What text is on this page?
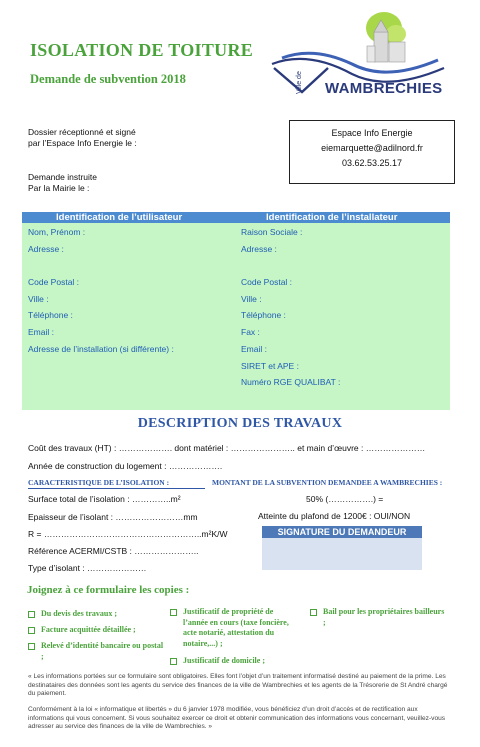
ISOLATION DE TOITURE
Demande de subvention 2018	Ville de WAMBRECHIES
Dossier réceptionné et signé
par l’Espace Info Energie le :
Demande instruite
Par la Mairie le :
Espace Info Energie
eiemarquette@adilnord.fr
03.62.53.25.17
Identification de l’utilisateur	Identification de l’installateur
Nom, Prénom :
Adresse :
Code Postal :
Ville :
Téléphone :
Email :
Adresse de l’installation (si différente) :
Raison Sociale :
Adresse :
Code Postal :
Ville :
Téléphone :
Fax :
Email :
SIRET et APE :
Numéro RGE QUALIBAT :
DESCRIPTION DES TRAVAUX
Coût des travaux (HT) : ………………. dont matériel : ………………….. et main d’œuvre : …………………
Année de construction du logement : ……………….
CARACTERISTIQUE DE L’ISOLATION :	MONTANT DE LA SUBVENTION DEMANDEE A WAMBRECHIES :
Surface total de l’isolation : …………..m²
Epaisseur de l’isolant : ……………………mm
R = ………………………………………………..m²K/W
Référence ACERMI/CSTB : …………………..
Type d’isolant : …………………
50% (…………….) =
Atteinte du plafond de 1200€ : OUI/NON
SIGNATURE DU DEMANDEUR
Joignez à ce formulaire les copies :
Du devis des travaux ;
Facture acquittée détaillée ;
Relevé d’identité bancaire ou postal ;
Justificatif de propriété de l’année en cours (taxe foncière, acte notarié, attestation du notaire,...) ;
Justificatif de domicile ;
Bail pour les propriétaires bailleurs ;
« Les informations portées sur ce formulaire sont obligatoires. Elles font l’objet d’un traitement informatisé destiné au paiement de la prime. Les destinataires des données sont les agents du service des finances de la ville de Wambrechies et les agents de la Trésorerie de St André chargé du paiement.
Conformément à la loi « informatique et libertés » du 6 janvier 1978 modifiée, vous bénéficiez d’un droit d’accès et de rectification aux informations qui vous concernent. Si vous souhaitez exercer ce droit et obtenir communication des informations vous concernant, veuillez-vous adresser au service des finances de la ville de Wambrechies. »
